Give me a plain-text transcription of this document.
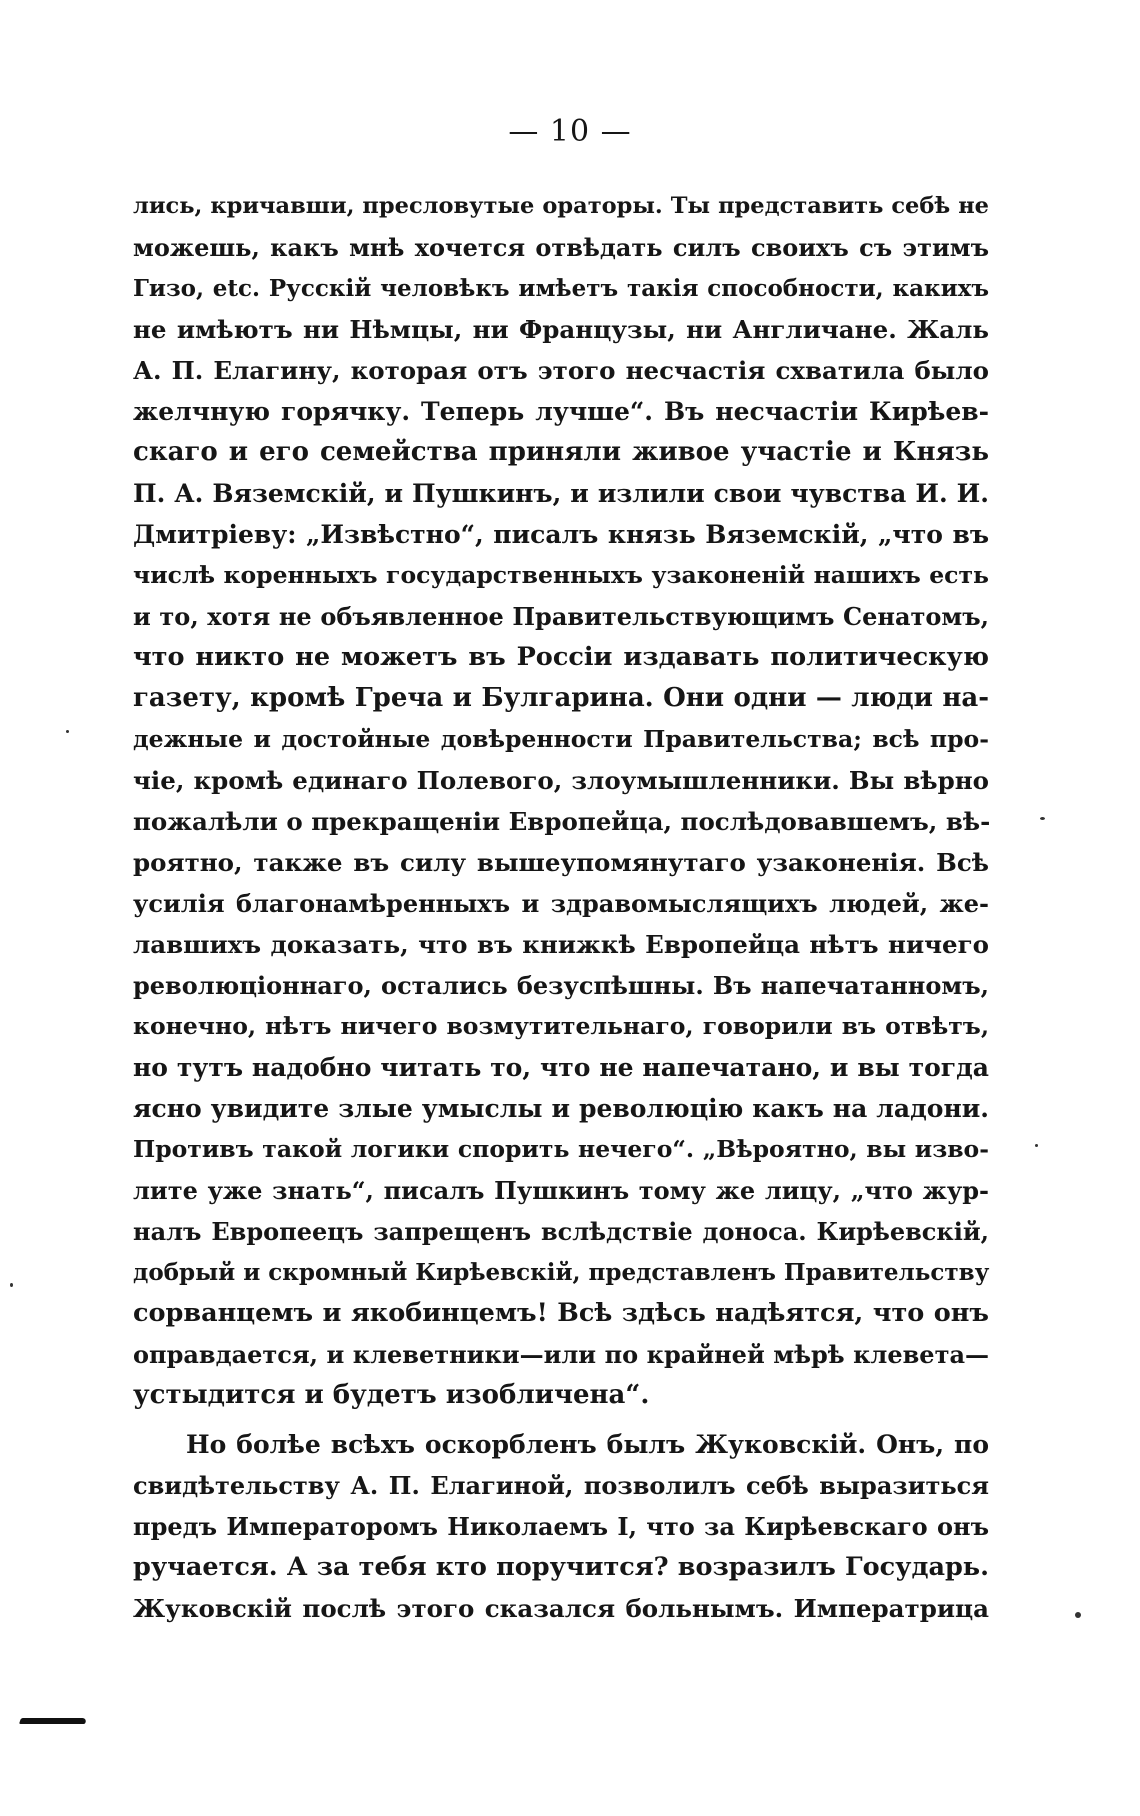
— 10 —
лись, кричавши, пресловутые ораторы. Ты представить себѣ не
можешь, какъ мнѣ хочется отвѣдать силъ своихъ съ этимъ
Гизо, etc. Русскій человѣкъ имѣетъ такія способности, какихъ
не имѣютъ ни Нѣмцы, ни Французы, ни Англичане. Жаль
А. П. Елагину, которая отъ этого несчастія схватила было
желчную горячку. Теперь лучше“. Въ несчастіи Кирѣев-
скаго и его семейства приняли живое участіе и Князь
П. А. Вяземскій, и Пушкинъ, и излили свои чувства И. И.
Дмитріеву: „Извѣстно“, писалъ князь Вяземскій, „что въ
числѣ коренныхъ государственныхъ узаконеній нашихъ есть
и то, хотя не объявленное Правительствующимъ Сенатомъ,
что никто не можетъ въ Россіи издавать политическую
газету, кромѣ Греча и Булгарина. Они одни — люди на-
дежные и достойные довѣренности Правительства; всѣ про-
чіе, кромѣ единаго Полевого, злоумышленники. Вы вѣрно
пожалѣли о прекращеніи Европейца, послѣдовавшемъ, вѣ-
роятно, также въ силу вышеупомянутаго узаконенія. Всѣ
усилія благонамѣренныхъ и здравомыслящихъ людей, же-
лавшихъ доказать, что въ книжкѣ Европейца нѣтъ ничего
революціоннаго, остались безуспѣшны. Въ напечатанномъ,
конечно, нѣтъ ничего возмутительнаго, говорили въ отвѣтъ,
но тутъ надобно читать то, что не напечатано, и вы тогда
ясно увидите злые умыслы и революцію какъ на ладони.
Противъ такой логики спорить нечего“. „Вѣроятно, вы изво-
лите уже знать“, писалъ Пушкинъ тому же лицу, „что жур-
налъ Европеецъ запрещенъ вслѣдствіе доноса. Кирѣевскій,
добрый и скромный Кирѣевскій, представленъ Правительству
сорванцемъ и якобинцемъ! Всѣ здѣсь надѣятся, что онъ
оправдается, и клеветники—или по крайней мѣрѣ клевета—
устыдится и будетъ изобличена“.
Но болѣе всѣхъ оскорбленъ былъ Жуковскій. Онъ, по
свидѣтельству А. П. Елагиной, позволилъ себѣ выразиться
предъ Императоромъ Николаемъ I, что за Кирѣевскаго онъ
ручается. А за тебя кто поручится? возразилъ Государь.
Жуковскій послѣ этого сказался больнымъ. Императрица
